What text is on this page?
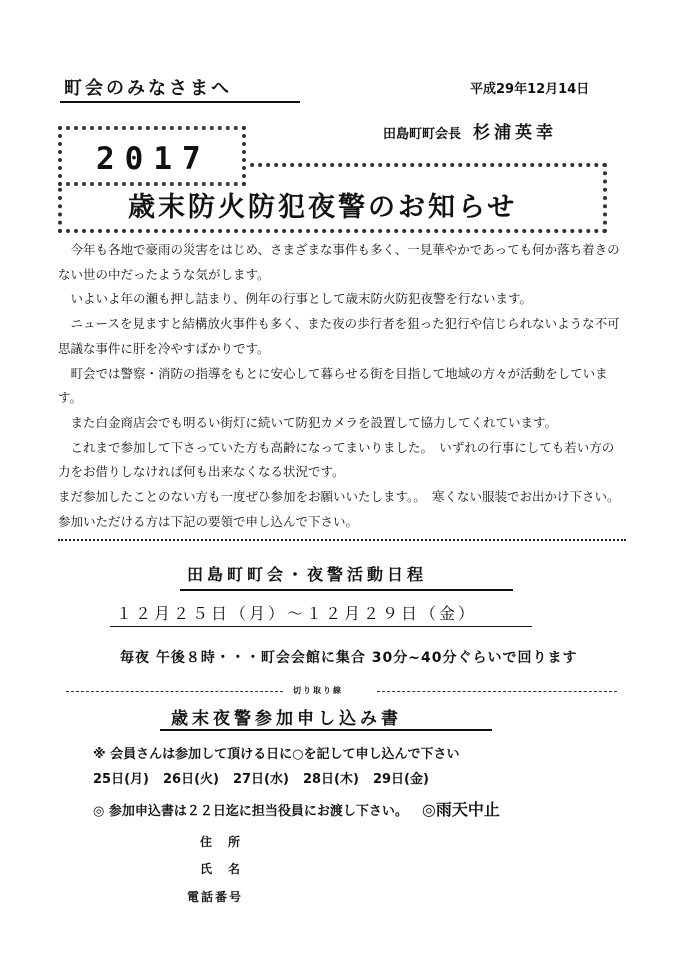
町会のみなさまへ	平成29年12月14日
田島町町会長 杉浦英幸
2017
歳末防火防犯夜警のお知らせ

　今年も各地で豪雨の災害をはじめ、さまざまな事件も多く、一見華やかであっても何か落ち着きのない世の中だったような気がします。

　いよいよ年の瀬も押し詰まり、例年の行事として歳末防火防犯夜警を行ないます。

　ニュースを見ますと結構放火事件も多く、また夜の歩行者を狙った犯行や信じられないような不可思議な事件に肝を冷やすばかりです。

　町会では警察・消防の指導をもとに安心して暮らせる街を目指して地域の方々が活動をしています。

　また白金商店会でも明るい街灯に続いて防犯カメラを設置して協力してくれています。

　これまで参加して下さっていた方も高齢になってまいりました。　いずれの行事にしても若い方の力をお借りしなければ何も出来なくなる状況です。

まだ参加したことのない方も一度ぜひ参加をお願いいたします。。　寒くない服装でお出かけ下さい。

参加いただける方は下記の要領で申し込んで下さい。

田島町町会・夜警活動日程
１２月２５日（月）～１２月２９日（金）
毎夜 午後８時・・・町会会館に集合 30分~40分ぐらいで回ります
切り取り線
歳末夜警参加申し込み書
※ 会員さんは参加して頂ける日に○を記して申し込んで下さい
25日(月) 26日(火) 27日(水) 28日(木) 29日(金)
◎ 参加申込書は２２日迄に担当役員にお渡し下さい。 ◎雨天中止
住所
氏名
電話番号
